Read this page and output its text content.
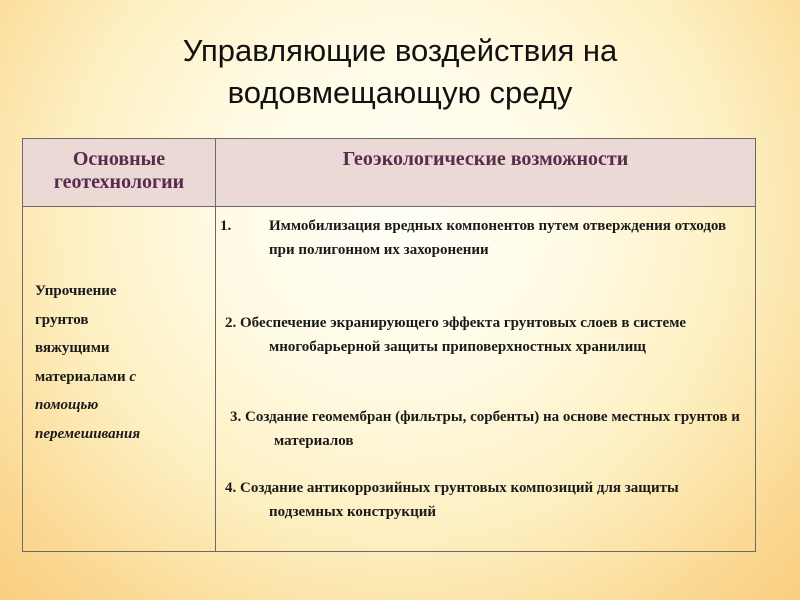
Управляющие воздействия на
водовмещающую среду
Основные
геотехнологии
Геоэкологические возможности
Упрочнение
грунтов
вяжущими
материалами с
помощью
перемешивания
1.	Иммобилизация вредных компонентов путем отверждения отходов при полигонном их захоронении
2. Обеспечение экранирующего эффекта грунтовых слоев в системе многобарьерной защиты приповерхностных хранилищ
3. Создание геомембран (фильтры, сорбенты) на основе местных грунтов и материалов
4. Создание антикоррозийных грунтовых композиций для защиты подземных конструкций
